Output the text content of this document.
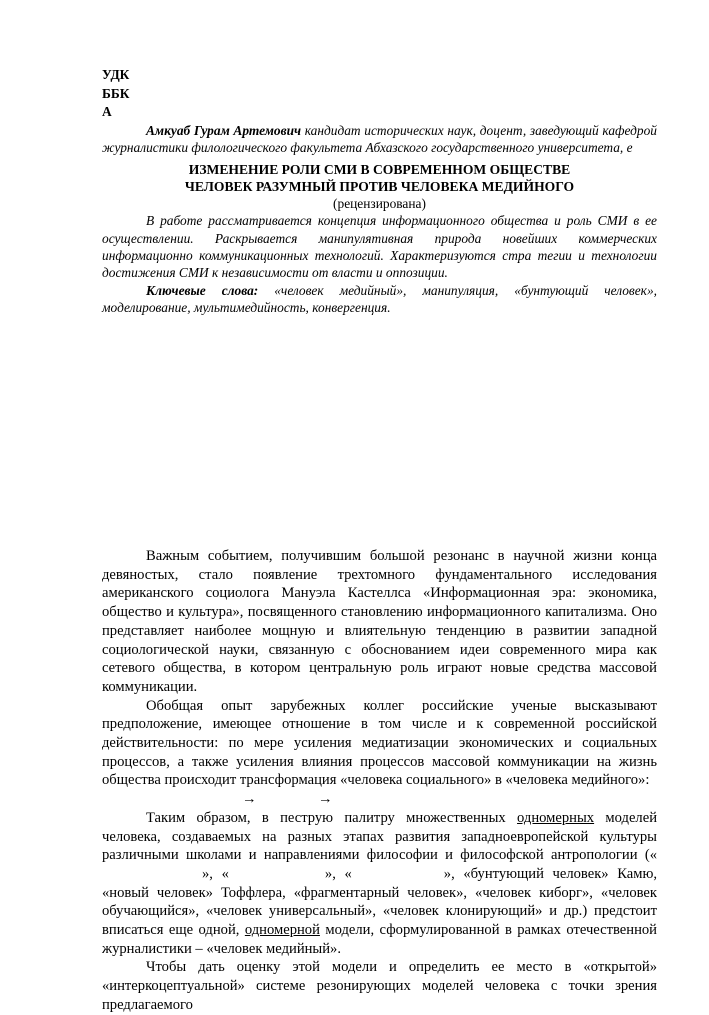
УДК

ББК

А

Амкуаб Гурам Артемович кандидат исторических наук, доцент, заведующий кафедрой журналистики филологического факультета Абхазского государственного университета, е

ИЗМЕНЕНИЕ РОЛИ СМИ В СОВРЕМЕННОМ ОБЩЕСТВЕ
ЧЕЛОВЕК РАЗУМНЫЙ ПРОТИВ ЧЕЛОВЕКА МЕДИЙНОГО

(рецензирована)

В работе рассматривается концепция информационного общества и роль СМИ в ее осуществлении. Раскрывается манипулятивная природа новейших коммерческих информационно коммуникационных технологий. Характеризуются стра тегии и технологии достижения СМИ к независимости от власти и оппозиции.

Ключевые слова: «человек медийный», манипуляция, «бунтующий человек», моделирование, мультимедийность, конвергенция.

Важным событием, получившим большой резонанс в научной жизни конца девяностых, стало появление трехтомного фундаментального исследования американского социолога Мануэла Кастеллса «Информационная эра: экономика, общество и культура», посвященного становлению информационного капитализма. Оно представляет наиболее мощную и влиятельную тенденцию в развитии западной социологической науки, связанную с обоснованием идеи современного мира как сетевого общества, в котором центральную роль играют новые средства массовой коммуникации.

Обобщая опыт зарубежных коллег российские ученые высказывают предположение, имеющее отношение в том числе и к современной российской действительности: по мере усиления медиатизации экономических и социальных процессов, а также усиления влияния процессов массовой коммуникации на жизнь общества происходит трансформация «человека социального» в «человека медийного»:

→	→

Таким образом, в пеструю палитру множественных одномерных моделей человека, создаваемых на разных этапах развития западноевропейской культуры различными школами и направлениями философии и философской антропологии («», «	», «	», «бунтующий человек» Камю, «новый человек» Тоффлера, «фрагментарный человек», «человек киборг», «человек обучающийся», «человек универсальный», «человек клонирующий» и др.) предстоит вписаться еще одной, одномерной модели, сформулированной в рамках отечественной журналистики – «человек медийный».

Чтобы дать оценку этой модели и определить ее место в «открытой» «интеркоцептуальной» системе резонирующих моделей человека с точки зрения предлагаемого
